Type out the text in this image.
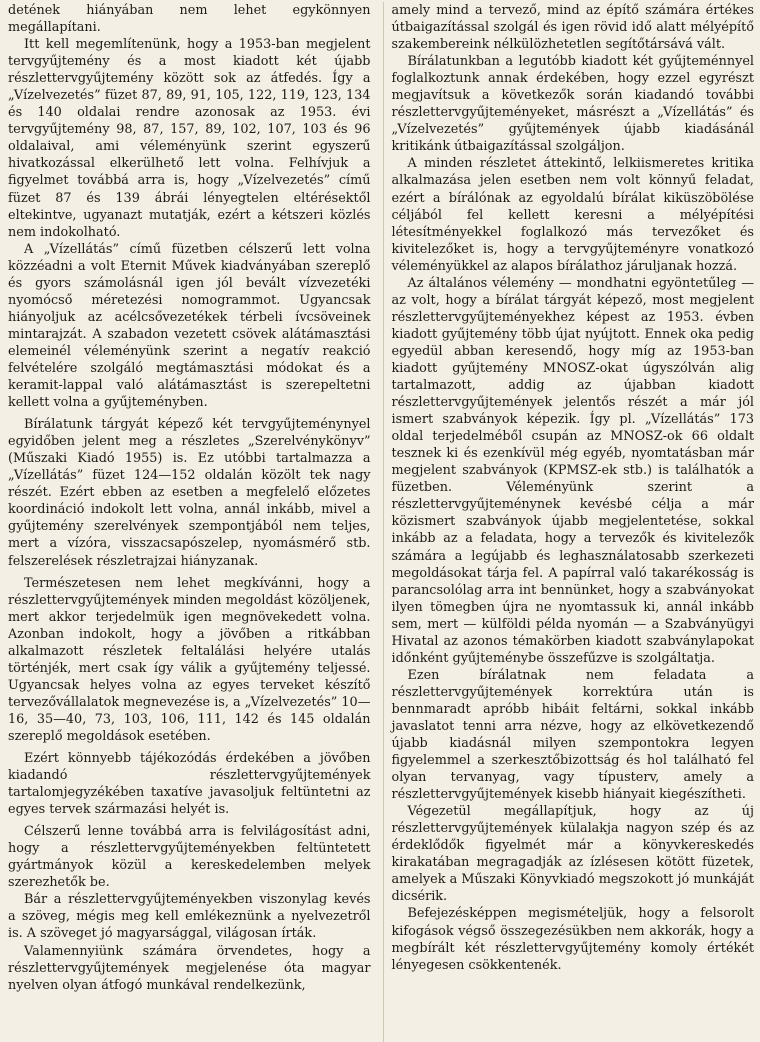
detének hiányában nem lehet egykönnyen megállapítani.

Itt kell megemlítenünk, hogy a 1953-ban megjelent tervgyűjtemény és a most kiadott két újabb részlettervgyűjtemény között sok az átfedés. Így a „Vízelvezetés” füzet 87, 89, 91, 105, 122, 119, 123, 134 és 140 oldalai rendre azonosak az 1953. évi tervgyűjtemény 98, 87, 157, 89, 102, 107, 103 és 96 oldalaival, ami véleményünk szerint egyszerű hivatkozással elkerülhető lett volna. Felhívjuk a figyelmet továbbá arra is, hogy „Vízelvezetés” című füzet 87 és 139 ábrái lényegtelen eltérésektől eltekintve, ugyanazt mutatják, ezért a kétszeri közlés nem indokolható.

A „Vízellátás” című füzetben célszerű lett volna közzéadni a volt Eternit Művek kiadványában szereplő és gyors számolásnál igen jól bevált vízvezetéki nyomócső méretezési nomogrammot. Ugyancsak hiányoljuk az acélcsővezetékek térbeli ívcsöveinek mintarajzát. A szabadon vezetett csövek alátámasztási elemeinél véleményünk szerint a negatív reakció felvételére szolgáló megtámasztási módokat és a keramit-lappal való alátámasztást is szerepeltetni kellett volna a gyűjteményben.

Bírálatunk tárgyát képező két tervgyűjteménynyel egyidőben jelent meg a részletes „Szerelvénykönyv” (Műszaki Kiadó 1955) is. Ez utóbbi tartalmazza a „Vízellátás” füzet 124—152 oldalán közölt tek nagy részét. Ezért ebben az esetben a megfelelő előzetes koordináció indokolt lett volna, annál inkább, mivel a gyűjtemény szerelvények szempontjából nem teljes, mert a vízóra, visszacsapószelep, nyomásmérő stb. felszerelések részletrajzai hiányzanak.

Természetesen nem lehet megkívánni, hogy a részlettervgyűjtemények minden megoldást közöljenek, mert akkor terjedelmük igen megnövekedett volna. Azonban indokolt, hogy a jövőben a ritkábban alkalmazott részletek feltalálási helyére utalás történjék, mert csak így válik a gyűjtemény teljessé. Ugyancsak helyes volna az egyes terveket készítő tervezővállalatok megnevezése is, a „Vízelvezetés” 10—16, 35—40, 73, 103, 106, 111, 142 és 145 oldalán szereplő megoldások esetében.

Ezért könnyebb tájékozódás érdekében a jövőben kiadandó részlettervgyűjtemények tartalomjegyzékében taxatíve javasoljuk feltüntetni az egyes tervek származási helyét is.

Célszerű lenne továbbá arra is felvilágosítást adni, hogy a részlettervgyűjteményekben feltüntetett gyártmányok közül a kereskedelemben melyek szerezhetők be.

Bár a részlettervgyűjteményekben viszonylag kevés a szöveg, mégis meg kell emlékeznünk a nyelvezetről is. A szöveget jó magyarsággal, világosan írták.

Valamennyiünk számára örvendetes, hogy a részlettervgyűjtemények megjelenése óta magyar nyelven olyan átfogó munkával rendelkezünk,

amely mind a tervező, mind az építő számára értékes útbaigazítással szolgál és igen rövid idő alatt mélyépítő szakembereink nélkülözhetetlen segítőtársává vált.

Bírálatunkban a legutóbb kiadott két gyűjteménnyel foglalkoztunk annak érdekében, hogy ezzel egyrészt megjavítsuk a következők során kiadandó további részlettervgyűjteményeket, másrészt a „Vízellátás” és „Vízelvezetés” gyűjtemények újabb kiadásánál kritikánk útbaigazítással szolgáljon.

A minden részletet áttekintő, lelkiismeretes kritika alkalmazása jelen esetben nem volt könnyű feladat, ezért a bírálónak az egyoldalú bírálat kiküszöbölése céljából fel kellett keresni a mélyépítési létesítményekkel foglalkozó más tervezőket és kivitelezőket is, hogy a tervgyűjteményre vonatkozó véleményükkel az alapos bírálathoz járuljanak hozzá.

Az általános vélemény — mondhatni egyöntetűleg — az volt, hogy a bírálat tárgyát képező, most megjelent részlettervgyűjteményekhez képest az 1953. évben kiadott gyűjtemény több újat nyújtott. Ennek oka pedig egyedül abban keresendő, hogy míg az 1953-ban kiadott gyűjtemény MNOSZ-okat úgyszólván alig tartalmazott, addig az újabban kiadott részlettervgyűjtemények jelentős részét a már jól ismert szabványok képezik. Így pl. „Vízellátás” 173 oldal terjedelméből csupán az MNOSZ-ok 66 oldalt tesznek ki és ezenkívül még egyéb, nyomtatásban már megjelent szabványok (KPMSZ-ek stb.) is találhatók a füzetben. Véleményünk szerint a részlettervgyűjteménynek kevésbé célja a már közismert szabványok újabb megjelentetése, sokkal inkább az a feladata, hogy a tervezők és kivitelezők számára a legújabb és leghasználatosabb szerkezeti megoldásokat tárja fel. A papírral való takarékosság is parancsolólag arra int bennünket, hogy a szabványokat ilyen tömegben újra ne nyomtassuk ki, annál inkább sem, mert — külföldi példa nyomán — a Szabványügyi Hivatal az azonos témakörben kiadott szabványlapokat időnként gyűjteménybe összefűzve is szolgáltatja.

Ezen bírálatnak nem feladata a részlettervgyűjtemények korrektúra után is bennmaradt apróbb hibáit feltárni, sokkal inkább javaslatot tenni arra nézve, hogy az elkövetkezendő újabb kiadásnál milyen szempontokra legyen figyelemmel a szerkesztőbizottság és hol található fel olyan tervanyag, vagy típusterv, amely a részlettervgyűjtemények kisebb hiányait kiegészítheti.

Végezetül megállapítjuk, hogy az új részlettervgyűjtemények külalakja nagyon szép és az érdeklődők figyelmét már a könyvkereskedés kirakatában megragadják az ízlésesen kötött füzetek, amelyek a Műszaki Könyvkiadó megszokott jó munkáját dicsérik.

Befejezésképpen megismételjük, hogy a felsorolt kifogások végső összegezésükben nem akkorák, hogy a megbírált két részlettervgyűjtemény komoly értékét lényegesen csökkentenék.
